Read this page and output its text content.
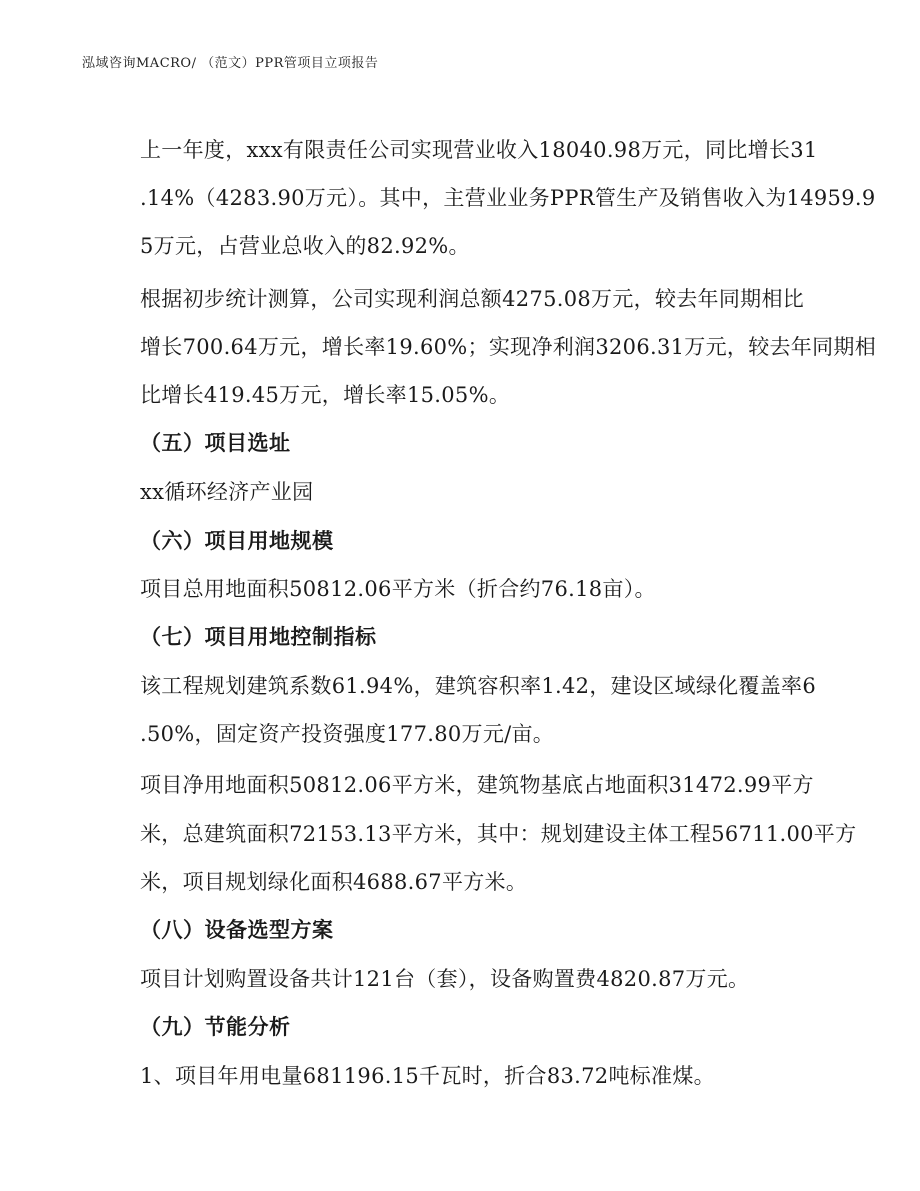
泓域咨询MACRO/ （范文）PPR管项目立项报告
上一年度，xxx有限责任公司实现营业收入18040.98万元，同比增长31
.14%（4283.90万元）。其中，主营业业务PPR管生产及销售收入为14959.9
5万元，占营业总收入的82.92%。
根据初步统计测算，公司实现利润总额4275.08万元，较去年同期相比
增长700.64万元，增长率19.60%；实现净利润3206.31万元，较去年同期相
比增长419.45万元，增长率15.05%。
（五）项目选址
xx循环经济产业园
（六）项目用地规模
项目总用地面积50812.06平方米（折合约76.18亩）。
（七）项目用地控制指标
该工程规划建筑系数61.94%，建筑容积率1.42，建设区域绿化覆盖率6
.50%，固定资产投资强度177.80万元/亩。
项目净用地面积50812.06平方米，建筑物基底占地面积31472.99平方
米，总建筑面积72153.13平方米，其中：规划建设主体工程56711.00平方
米，项目规划绿化面积4688.67平方米。
（八）设备选型方案
项目计划购置设备共计121台（套），设备购置费4820.87万元。
（九）节能分析
1、项目年用电量681196.15千瓦时，折合83.72吨标准煤。
